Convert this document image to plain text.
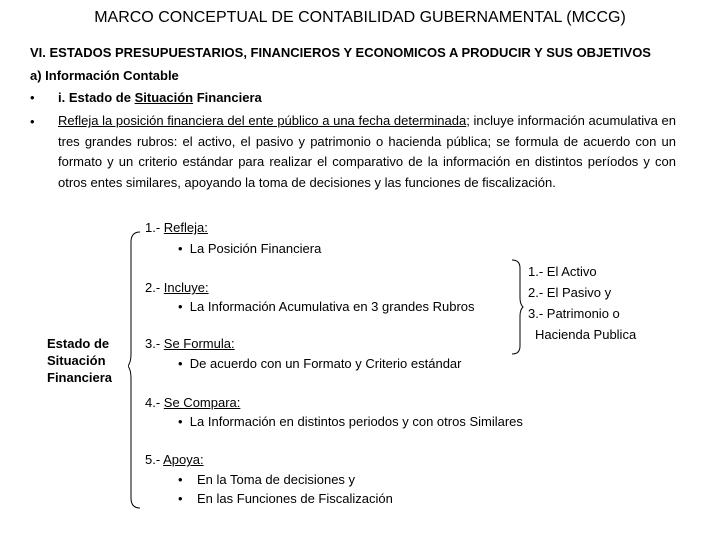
MARCO CONCEPTUAL DE CONTABILIDAD GUBERNAMENTAL (MCCG)
VI. ESTADOS PRESUPUESTARIOS, FINANCIEROS Y ECONOMICOS A PRODUCIR Y SUS OBJETIVOS
a) Información Contable
• i. Estado de Situación Financiera
• Refleja la posición financiera del ente público a una fecha determinada; incluye información acumulativa en tres grandes rubros: el activo, el pasivo y patrimonio o hacienda pública; se formula de acuerdo con un formato y un criterio estándar para realizar el comparativo de la información en distintos períodos y con otros entes similares, apoyando la toma de decisiones y las funciones de fiscalización.
Estado de
Situación
Financiera
1.- Refleja:
• La Posición Financiera
2.- Incluye:
• La Información Acumulativa en 3 grandes Rubros
1.- El Activo
2.- El Pasivo y
3.- Patrimonio o
Hacienda Publica
3.- Se Formula:
• De acuerdo con un Formato y Criterio estándar
4.- Se Compara:
• La Información en distintos periodos y con otros Similares
5.- Apoya:
• En la Toma de decisiones y
• En las Funciones de Fiscalización
